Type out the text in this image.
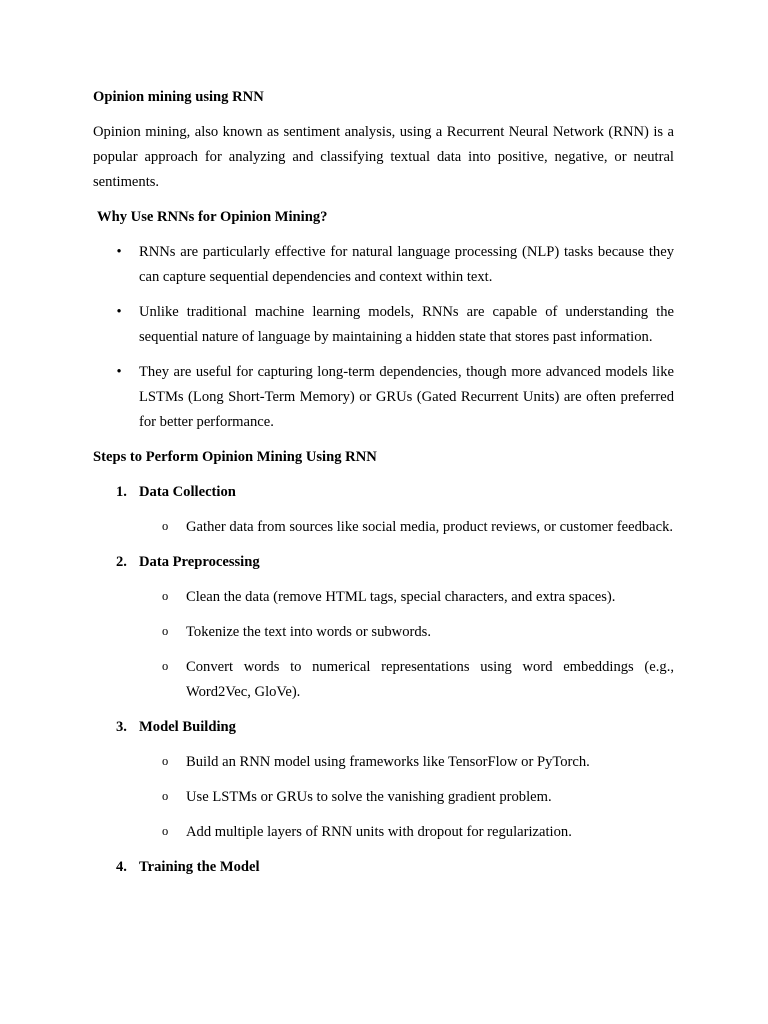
Opinion mining using RNN
Opinion mining, also known as sentiment analysis, using a Recurrent Neural Network (RNN) is a popular approach for analyzing and classifying textual data into positive, negative, or neutral sentiments.
Why Use RNNs for Opinion Mining?
• RNNs are particularly effective for natural language processing (NLP) tasks because they can capture sequential dependencies and context within text.
• Unlike traditional machine learning models, RNNs are capable of understanding the sequential nature of language by maintaining a hidden state that stores past information.
• They are useful for capturing long-term dependencies, though more advanced models like LSTMs (Long Short-Term Memory) or GRUs (Gated Recurrent Units) are often preferred for better performance.
Steps to Perform Opinion Mining Using RNN
1. Data Collection
o Gather data from sources like social media, product reviews, or customer feedback.
2. Data Preprocessing
o Clean the data (remove HTML tags, special characters, and extra spaces).
o Tokenize the text into words or subwords.
o Convert words to numerical representations using word embeddings (e.g., Word2Vec, GloVe).
3. Model Building
o Build an RNN model using frameworks like TensorFlow or PyTorch.
o Use LSTMs or GRUs to solve the vanishing gradient problem.
o Add multiple layers of RNN units with dropout for regularization.
4. Training the Model
